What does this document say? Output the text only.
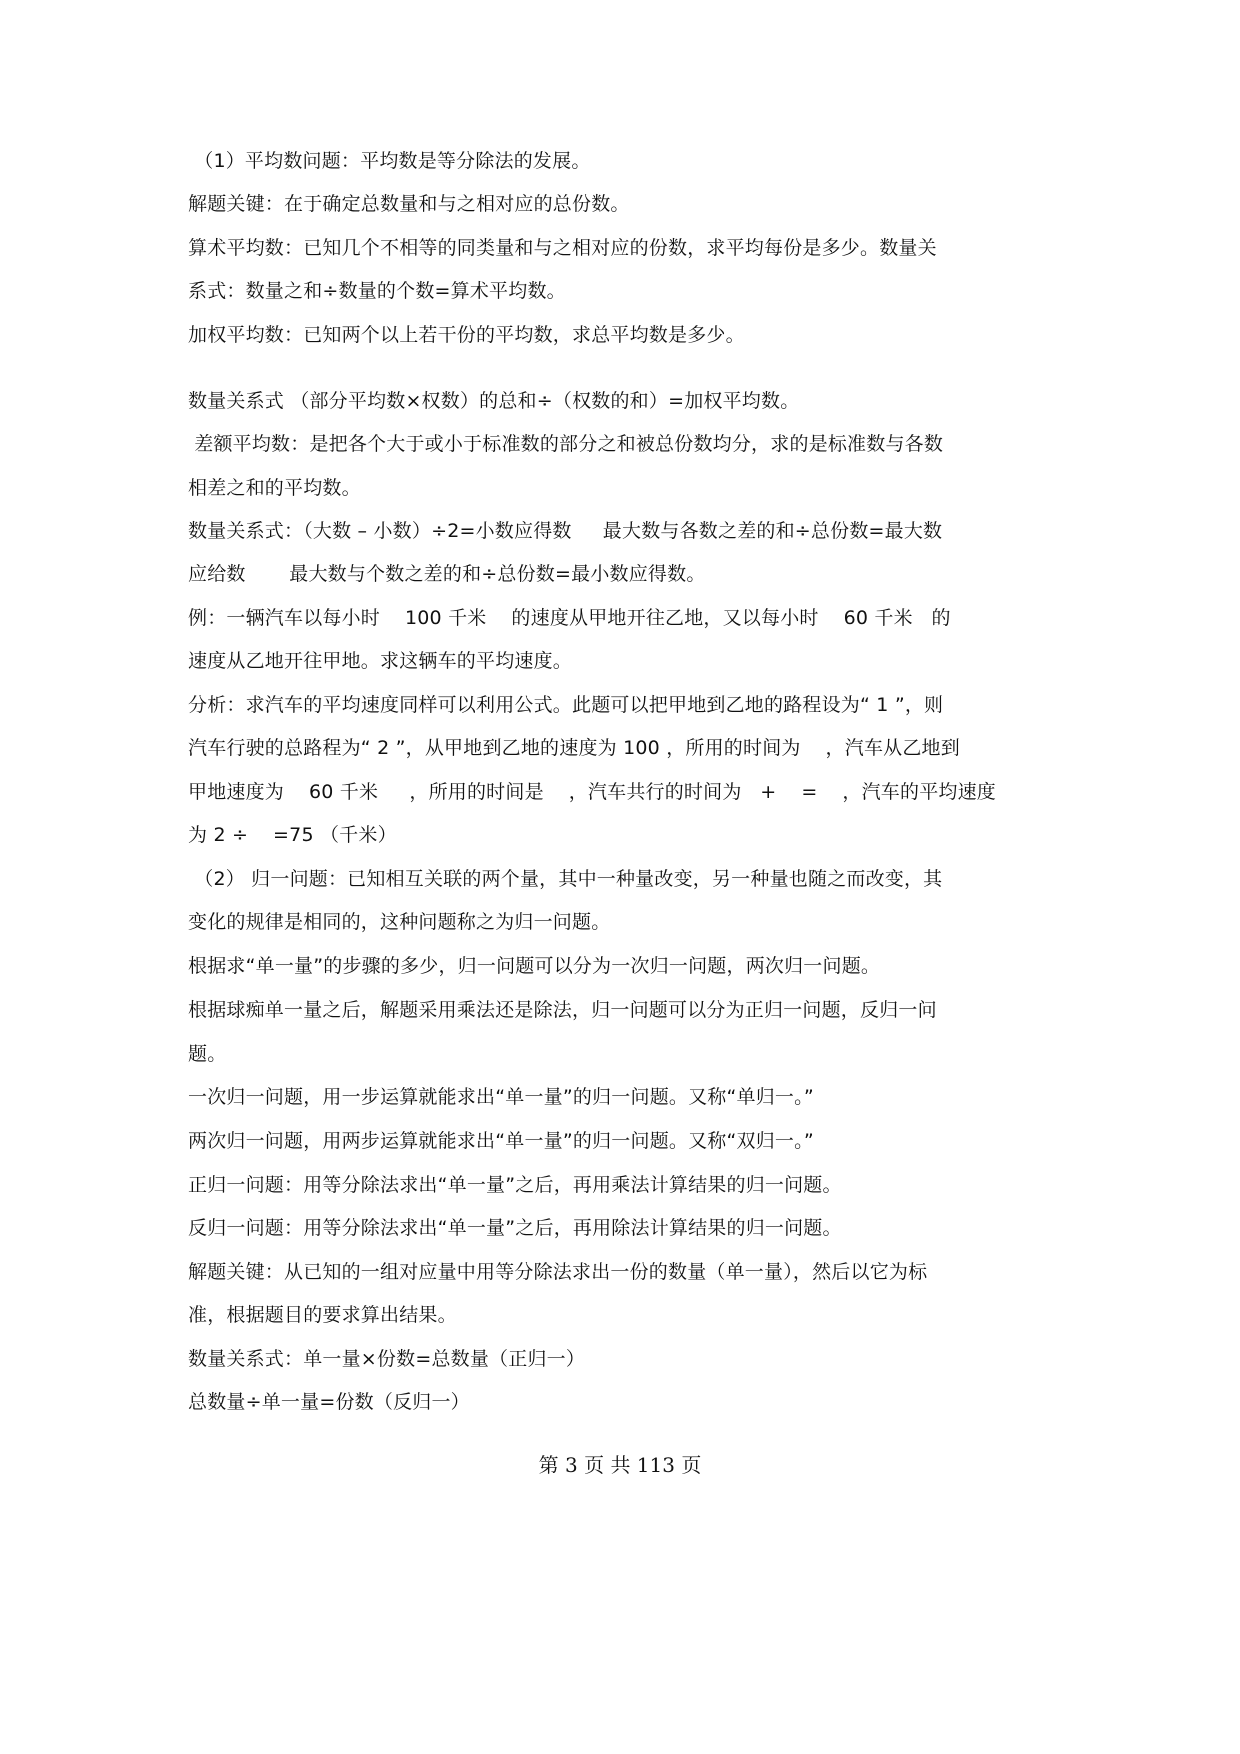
（1）平均数问题：平均数是等分除法的发展。
解题关键：在于确定总数量和与之相对应的总份数。
算术平均数：已知几个不相等的同类量和与之相对应的份数，求平均每份是多少。数量关
系式：数量之和÷数量的个数=算术平均数。
加权平均数：已知两个以上若干份的平均数，求总平均数是多少。
数量关系式 （部分平均数×权数）的总和÷（权数的和）=加权平均数。
差额平均数：是把各个大于或小于标准数的部分之和被总份数均分，求的是标准数与各数
相差之和的平均数。
数量关系式：（大数 – 小数）÷2=小数应得数     最大数与各数之差的和÷总份数=最大数
应给数       最大数与个数之差的和÷总份数=最小数应得数。
例：一辆汽车以每小时    100 千米    的速度从甲地开往乙地，又以每小时    60 千米   的
速度从乙地开往甲地。求这辆车的平均速度。
分析：求汽车的平均速度同样可以利用公式。此题可以把甲地到乙地的路程设为“ 1 ”，则
汽车行驶的总路程为“ 2 ”，从甲地到乙地的速度为 100 ，所用的时间为    ，汽车从乙地到
甲地速度为    60 千米     ，所用的时间是    ，汽车共行的时间为   +    =    ，汽车的平均速度
为 2 ÷    =75 （千米）
（2） 归一问题：已知相互关联的两个量，其中一种量改变，另一种量也随之而改变，其
变化的规律是相同的，这种问题称之为归一问题。
根据求“单一量”的步骤的多少，归一问题可以分为一次归一问题，两次归一问题。
根据球痴单一量之后，解题采用乘法还是除法，归一问题可以分为正归一问题，反归一问
题。
一次归一问题，用一步运算就能求出“单一量”的归一问题。又称“单归一。”
两次归一问题，用两步运算就能求出“单一量”的归一问题。又称“双归一。”
正归一问题：用等分除法求出“单一量”之后，再用乘法计算结果的归一问题。
反归一问题：用等分除法求出“单一量”之后，再用除法计算结果的归一问题。
解题关键：从已知的一组对应量中用等分除法求出一份的数量（单一量），然后以它为标
准，根据题目的要求算出结果。
数量关系式：单一量×份数=总数量（正归一）
总数量÷单一量=份数（反归一）
第 3 页 共 113 页
